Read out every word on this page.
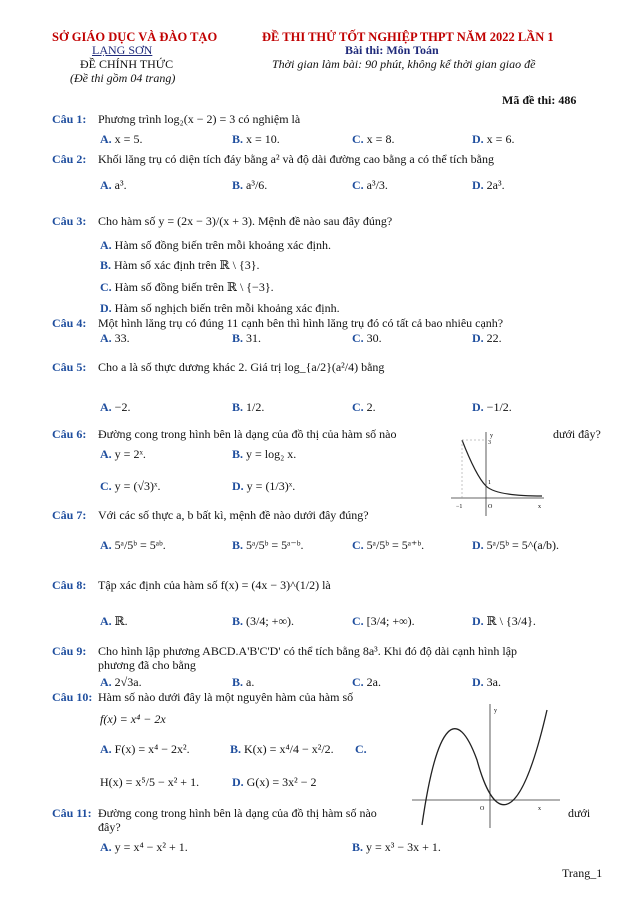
SỞ GIÁO DỤC VÀ ĐÀO TẠO
LẠNG SƠN
ĐỀ CHÍNH THỨC
(Đề thi gồm 04 trang)
ĐỀ THI THỬ TỐT NGHIỆP THPT NĂM 2022 LẦN 1
Bài thi: Môn Toán
Thời gian làm bài: 90 phút, không kể thời gian giao đề
Mã đề thi: 486
Câu 1: Phương trình log₂(x − 2) = 3 có nghiệm là
A. x = 5.	B. x = 10.	C. x = 8.	D. x = 6.
Câu 2: Khối lăng trụ có diện tích đáy bằng a² và độ dài đường cao bằng a có thể tích bằng
A. a³.	B. a³/6.	C. a³/3.	D. 2a³.
Câu 3: Cho hàm số y = (2x − 3)/(x + 3). Mệnh đề nào sau đây đúng?
A. Hàm số đồng biến trên mỗi khoảng xác định.
B. Hàm số xác định trên ℝ \ {3}.
C. Hàm số đồng biến trên ℝ \ {−3}.
D. Hàm số nghịch biến trên mỗi khoảng xác định.
Câu 4: Một hình lăng trụ có đúng 11 cạnh bên thì hình lăng trụ đó có tất cả bao nhiêu cạnh?
A. 33.	B. 31.	C. 30.	D. 22.
Câu 5: Cho a là số thực dương khác 2. Giá trị log_{a/2}(a²/4) bằng
A. −2.	B. 1/2.	C. 2.	D. −1/2.
Câu 6: Đường cong trong hình bên là dạng của đồ thị của hàm số nào	dưới đây?
A. y = 2ˣ.	B. y = log₂ x.
C. y = (√3)ˣ.	D. y = (1/3)ˣ.
y
x
O
3
1
−1
Câu 7: Với các số thực a, b bất kì, mệnh đề nào dưới đây đúng?
A. 5ᵃ/5ᵇ = 5ᵃᵇ.	B. 5ᵃ/5ᵇ = 5ᵃ⁻ᵇ.	C. 5ᵃ/5ᵇ = 5ᵃ⁺ᵇ.	D. 5ᵃ/5ᵇ = 5^(a/b).
Câu 8: Tập xác định của hàm số f(x) = (4x − 3)^(1/2) là
A. ℝ.	B. (3/4; +∞).	C. [3/4; +∞).	D. ℝ \ {3/4}.
Câu 9: Cho hình lập phương ABCD.A'B'C'D' có thể tích bằng 8a³. Khi đó độ dài cạnh hình lập
phương đã cho bằng
A. 2√3a.	B. a.	C. 2a.	D. 3a.
Câu 10: Hàm số nào dưới đây là một nguyên hàm của hàm số
f(x) = x⁴ − 2x
A. F(x) = x⁴ − 2x².	B. K(x) = x⁴/4 − x²/2. C.
H(x) = x⁵/5 − x² + 1.	D. G(x) = 3x² − 2
y
x
O
Câu 11: Đường cong trong hình bên là dạng của đồ thị hàm số nào	dưới
đây?
A. y = x⁴ − x² + 1.	B. y = x³ − 3x + 1.
Trang_1
